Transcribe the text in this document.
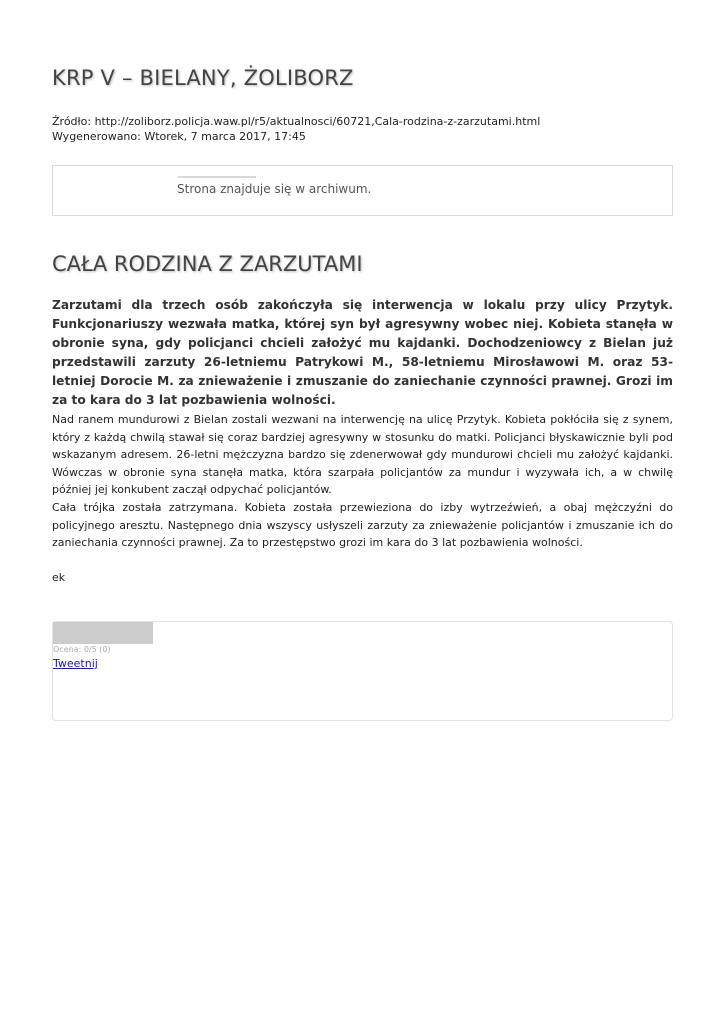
KRP V – BIELANY, ŻOLIBORZ
Źródło: http://zoliborz.policja.waw.pl/r5/aktualnosci/60721,Cala-rodzina-z-zarzutami.html
Wygenerowano: Wtorek, 7 marca 2017, 17:45
Strona znajduje się w archiwum.
CAŁA RODZINA Z ZARZUTAMI

Zarzutami dla trzech osób zakończyła się interwencja w lokalu przy ulicy Przytyk. Funkcjonariuszy wezwała matka, której syn był agresywny wobec niej. Kobieta stanęła w obronie syna, gdy policjanci chcieli założyć mu kajdanki. Dochodzeniowcy z Bielan już przedstawili zarzuty 26-letniemu Patrykowi M., 58-letniemu Mirosławowi M. oraz 53-letniej Dorocie M. za znieważenie i zmuszanie do zaniechanie czynności prawnej. Grozi im za to kara do 3 lat pozbawienia wolności.

Nad ranem mundurowi z Bielan zostali wezwani na interwencję na ulicę Przytyk. Kobieta pokłóciła się z synem, który z każdą chwilą stawał się coraz bardziej agresywny w stosunku do matki. Policjanci błyskawicznie byli pod wskazanym adresem. 26-letni mężczyzna bardzo się zdenerwował gdy mundurowi chcieli mu założyć kajdanki. Wówczas w obronie syna stanęła matka, która szarpała policjantów za mundur i wyzywała ich, a w chwilę później jej konkubent zaczął odpychać policjantów.

Cała trójka została zatrzymana. Kobieta została przewieziona do izby wytrzeźwień, a obaj mężczyźni do policyjnego aresztu. Następnego dnia wszyscy usłyszeli zarzuty za znieważenie policjantów i zmuszanie ich do zaniechania czynności prawnej. Za to przestępstwo grozi im kara do 3 lat pozbawienia wolności.

ek

Ocena: 0/5 (0)
Tweetnij
